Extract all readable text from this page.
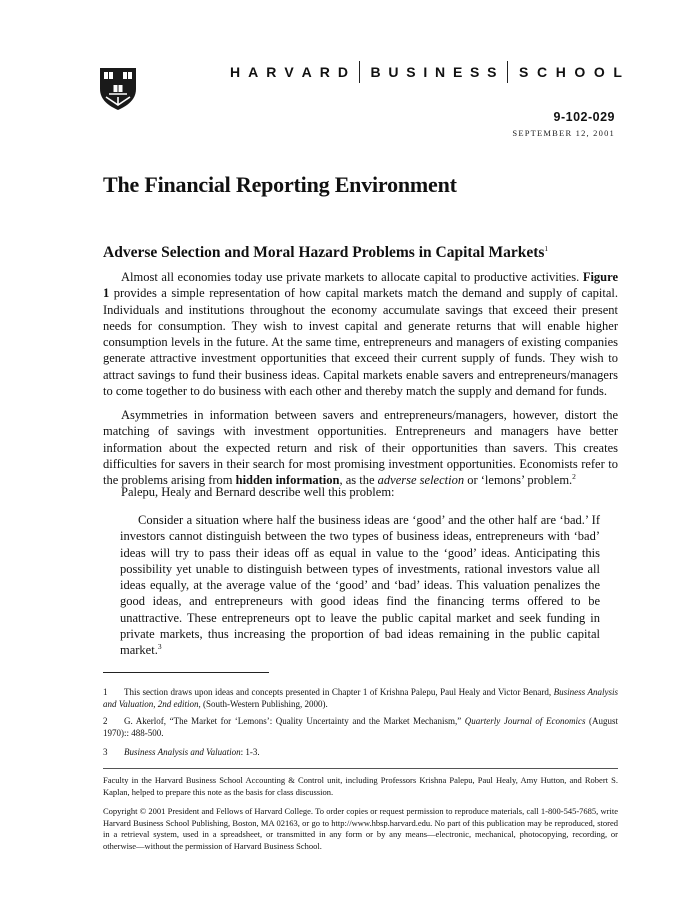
H A R V A R D B U S I N E S S S C H O O L
9-102-029
SEPTEMBER 12, 2001
The Financial Reporting Environment
Adverse Selection and Moral Hazard Problems in Capital Markets$^1$

Almost all economies today use private markets to allocate capital to productive activities. Figure 1 provides a simple representation of how capital markets match the demand and supply of capital. Individuals and institutions throughout the economy accumulate savings that exceed their present needs for consumption. They wish to invest capital and generate returns that will enable higher consumption levels in the future. At the same time, entrepreneurs and managers of existing companies generate attractive investment opportunities that exceed their current supply of funds. They wish to attract savings to fund their business ideas. Capital markets enable savers and entrepreneurs/managers to come together to do business with each other and thereby match the supply and demand for funds.

Asymmetries in information between savers and entrepreneurs/managers, however, distort the matching of savings with investment opportunities. Entrepreneurs and managers have better information about the expected return and risk of their opportunities than savers. This creates difficulties for savers in their search for most promising investment opportunities. Economists refer to the problems arising from hidden information, as the adverse selection or ‘lemons’ problem.$^2$

Palepu, Healy and Bernard describe well this problem:

Consider a situation where half the business ideas are ‘good’ and the other half are ‘bad.’ If investors cannot distinguish between the two types of business ideas, entrepreneurs with ‘bad’ ideas will try to pass their ideas off as equal in value to the ‘good’ ideas. Anticipating this possibility yet unable to distinguish between types of investments, rational investors value all ideas equally, at the average value of the ‘good’ and ‘bad’ ideas. This valuation penalizes the good ideas, and entrepreneurs with good ideas find the financing terms offered to be unattractive. These entrepreneurs opt to leave the public capital market and seek funding in private markets, thus increasing the proportion of bad ideas remaining in the public capital market.$^3$

1 This section draws upon ideas and concepts presented in Chapter 1 of Krishna Palepu, Paul Healy and Victor Benard, Business Analysis and Valuation, 2nd edition, (South-Western Publishing, 2000).

2 G. Akerlof, “The Market for ‘Lemons’: Quality Uncertainty and the Market Mechanism,” Quarterly Journal of Economics (August 1970):: 488-500.

3 Business Analysis and Valuation: 1-3.

Faculty in the Harvard Business School Accounting & Control unit, including Professors Krishna Palepu, Paul Healy, Amy Hutton, and Robert S. Kaplan, helped to prepare this note as the basis for class discussion.

Copyright © 2001 President and Fellows of Harvard College. To order copies or request permission to reproduce materials, call 1-800-545-7685, write Harvard Business School Publishing, Boston, MA 02163, or go to http://www.hbsp.harvard.edu. No part of this publication may be reproduced, stored in a retrieval system, used in a spreadsheet, or transmitted in any form or by any means—electronic, mechanical, photocopying, recording, or otherwise—without the permission of Harvard Business School.
